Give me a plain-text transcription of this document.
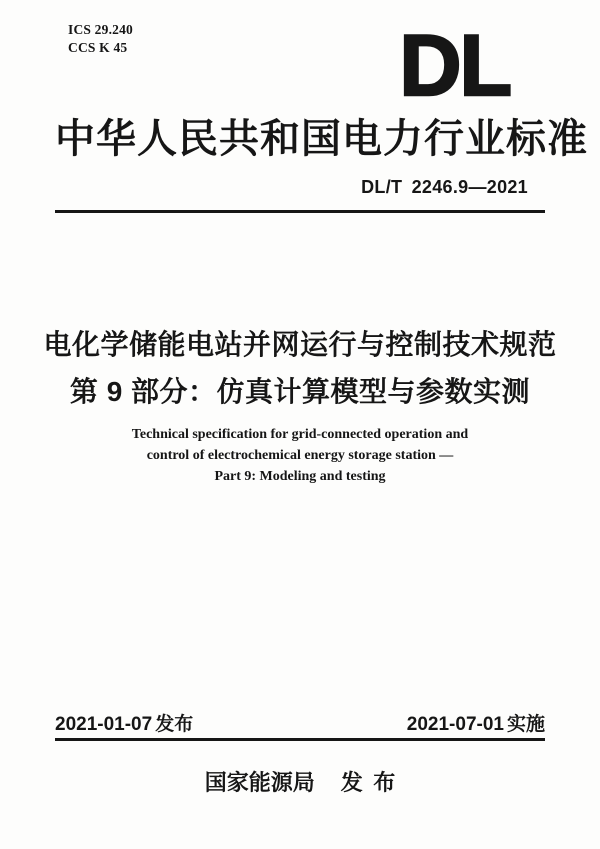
ICS 29.240
CCS K 45	DL
中华人民共和国电力行业标准
DL/T 2246.9—2021
电化学储能电站并网运行与控制技术规范
第 9 部分：仿真计算模型与参数实测
Technical specification for grid-connected operation and
control of electrochemical energy storage station —
Part 9: Modeling and testing
2021-01-07 发布	2021-07-01 实施
国家能源局 发 布
